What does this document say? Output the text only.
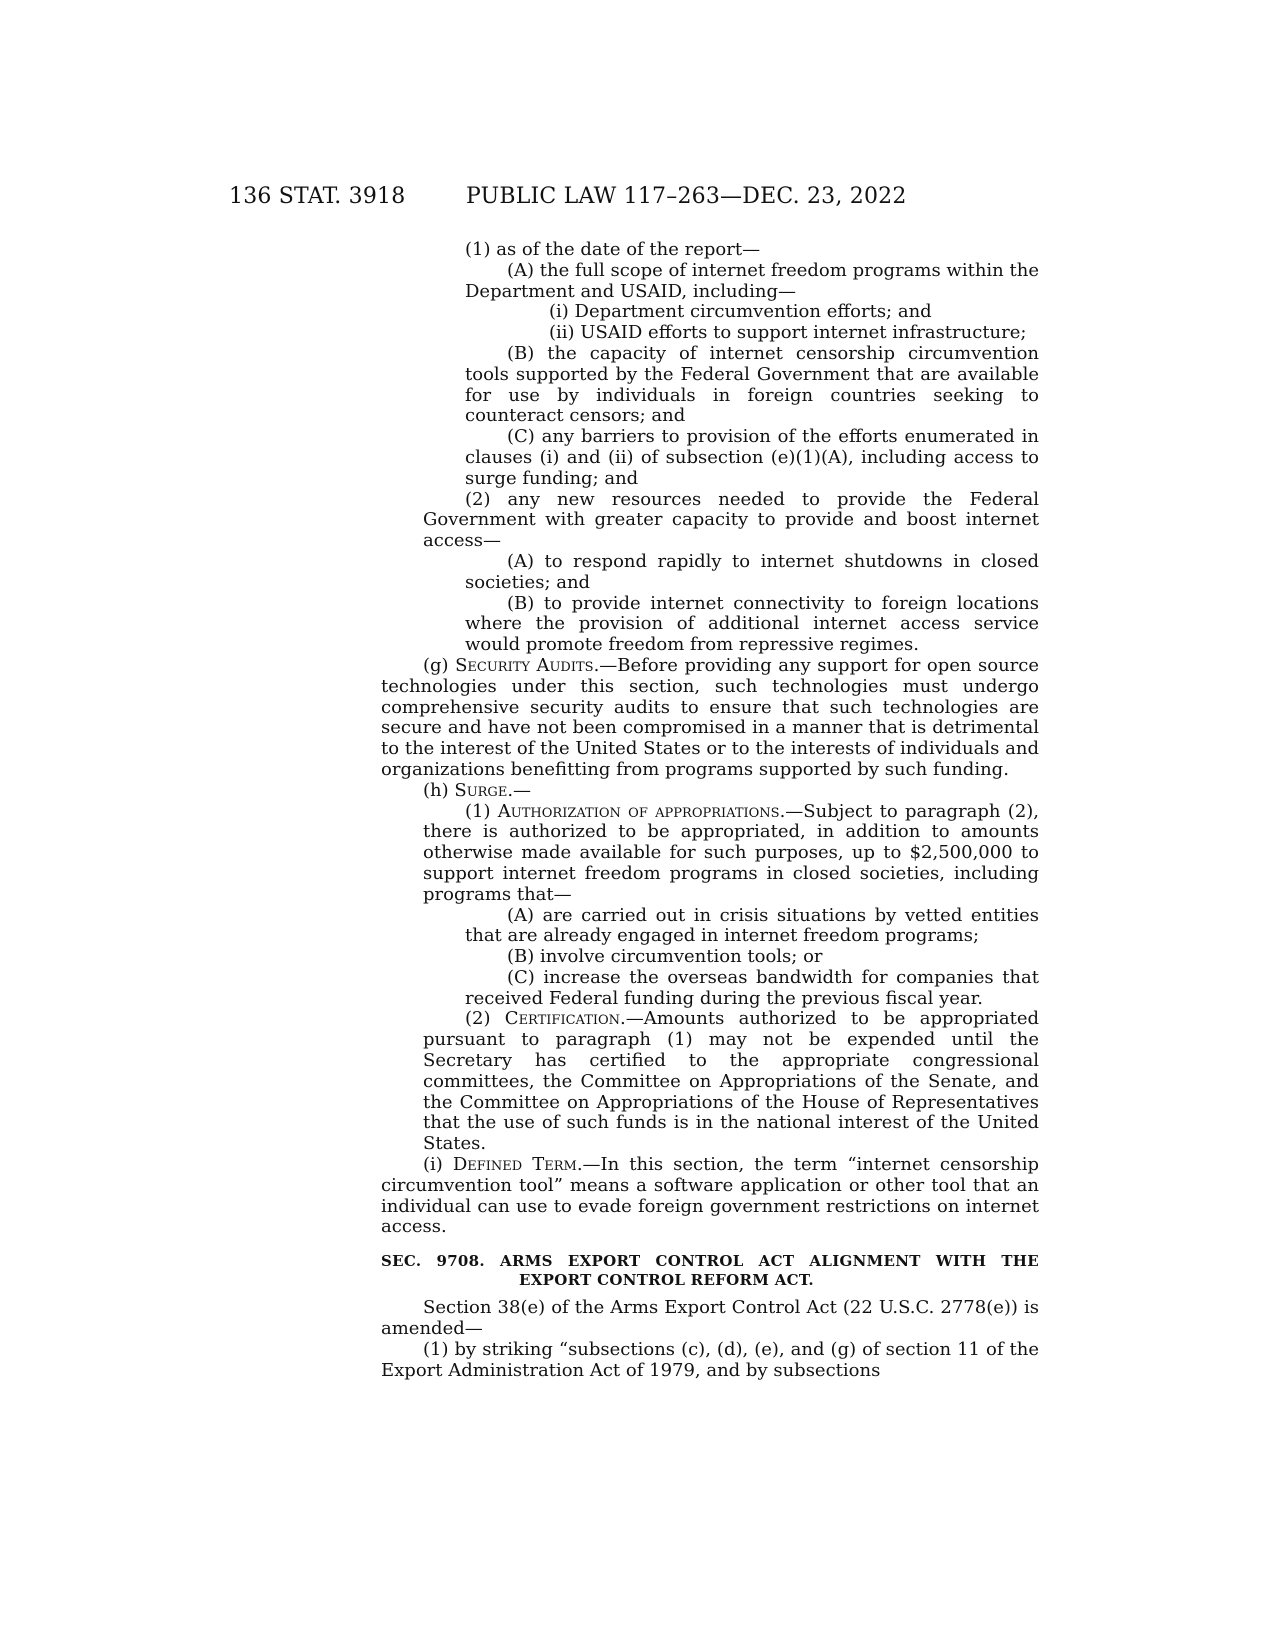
136 STAT. 3918	PUBLIC LAW 117–263—DEC. 23, 2022

(1) as of the date of the report—

(A) the full scope of internet freedom programs within the Department and USAID, including—

(i) Department circumvention efforts; and

(ii) USAID efforts to support internet infrastructure;

(B) the capacity of internet censorship circumvention tools supported by the Federal Government that are available for use by individuals in foreign countries seeking to counteract censors; and

(C) any barriers to provision of the efforts enumerated in clauses (i) and (ii) of subsection (e)(1)(A), including access to surge funding; and

(2) any new resources needed to provide the Federal Government with greater capacity to provide and boost internet access—

(A) to respond rapidly to internet shutdowns in closed societies; and

(B) to provide internet connectivity to foreign locations where the provision of additional internet access service would promote freedom from repressive regimes.

(g) Security Audits.—Before providing any support for open source technologies under this section, such technologies must undergo comprehensive security audits to ensure that such technologies are secure and have not been compromised in a manner that is detrimental to the interest of the United States or to the interests of individuals and organizations benefitting from programs supported by such funding.

(h) Surge.—

(1) Authorization of appropriations.—Subject to paragraph (2), there is authorized to be appropriated, in addition to amounts otherwise made available for such purposes, up to $2,500,000 to support internet freedom programs in closed societies, including programs that—

(A) are carried out in crisis situations by vetted entities that are already engaged in internet freedom programs;

(B) involve circumvention tools; or

(C) increase the overseas bandwidth for companies that received Federal funding during the previous fiscal year.

(2) Certification.—Amounts authorized to be appropriated pursuant to paragraph (1) may not be expended until the Secretary has certified to the appropriate congressional committees, the Committee on Appropriations of the Senate, and the Committee on Appropriations of the House of Representatives that the use of such funds is in the national interest of the United States.

(i) Defined Term.—In this section, the term “internet censorship circumvention tool” means a software application or other tool that an individual can use to evade foreign government restrictions on internet access.

SEC. 9708. ARMS EXPORT CONTROL ACT ALIGNMENT WITH THE
EXPORT CONTROL REFORM ACT.

Section 38(e) of the Arms Export Control Act (22 U.S.C. 2778(e)) is amended—

(1) by striking “subsections (c), (d), (e), and (g) of section 11 of the Export Administration Act of 1979, and by subsections
